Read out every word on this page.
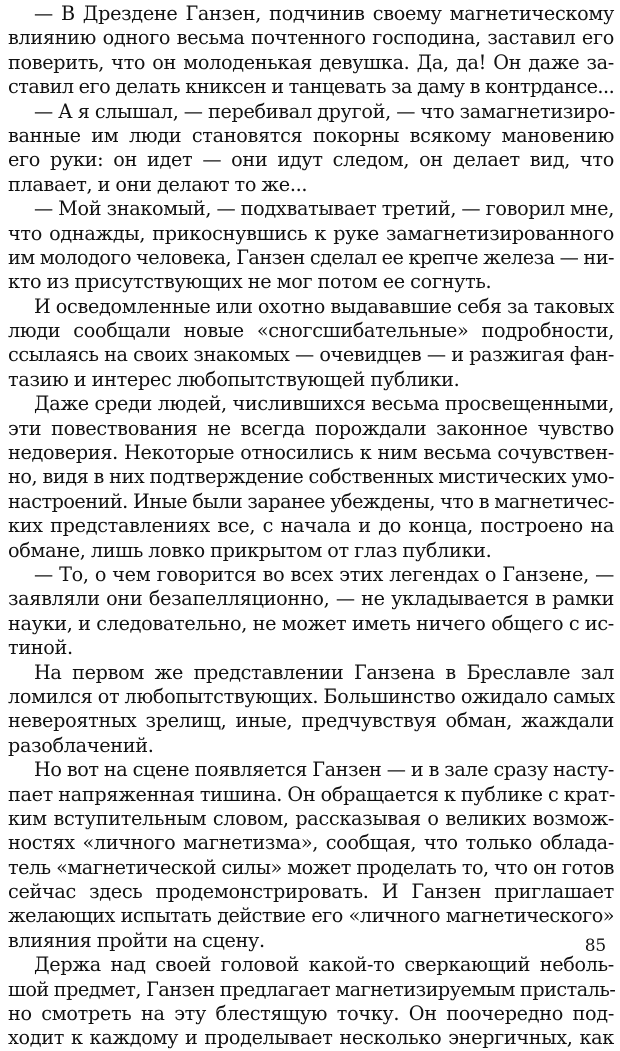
— В Дрездене Ганзен, подчинив своему магнетическому
влиянию одного весьма почтенного господина, заставил его
поверить, что он молоденькая девушка. Да, да! Он даже за-
ставил его делать книксен и танцевать за даму в контрдансе...
— А я слышал, — перебивал другой, — что замагнетизиро-
ванные им люди становятся покорны всякому мановению
его руки: он идет — они идут следом, он делает вид, что
плавает, и они делают то же...
— Мой знакомый, — подхватывает третий, — говорил мне,
что однажды, прикоснувшись к руке замагнетизированного
им молодого человека, Ганзен сделал ее крепче железа — ни-
кто из присутствующих не мог потом ее согнуть.
И осведомленные или охотно выдававшие себя за таковых
люди сообщали новые «сногсшибательные» подробности,
ссылаясь на своих знакомых — очевидцев — и разжигая фан-
тазию и интерес любопытствующей публики.
Даже среди людей, числившихся весьма просвещенными,
эти повествования не всегда порождали законное чувство
недоверия. Некоторые относились к ним весьма сочувствен-
но, видя в них подтверждение собственных мистических умо-
настроений. Иные были заранее убеждены, что в магнетичес-
ких представлениях все, с начала и до конца, построено на
обмане, лишь ловко прикрытом от глаз публики.
— То, о чем говорится во всех этих легендах о Ганзене, —
заявляли они безапелляционно, — не укладывается в рамки
науки, и следовательно, не может иметь ничего общего с ис-
тиной.
На первом же представлении Ганзена в Бреславле зал
ломился от любопытствующих. Большинство ожидало самых
невероятных зрелищ, иные, предчувствуя обман, жаждали
разоблачений.
Но вот на сцене появляется Ганзен — и в зале сразу насту-
пает напряженная тишина. Он обращается к публике с крат-
ким вступительным словом, рассказывая о великих возмож-
ностях «личного магнетизма», сообщая, что только облада-
тель «магнетической силы» может проделать то, что он готов
сейчас здесь продемонстрировать. И Ганзен приглашает
желающих испытать действие его «личного магнетического»
влияния пройти на сцену.
Держа над своей головой какой-то сверкающий неболь-
шой предмет, Ганзен предлагает магнетизируемым присталь-
но смотреть на эту блестящую точку. Он поочередно под-
ходит к каждому и проделывает несколько энергичных, как
85
